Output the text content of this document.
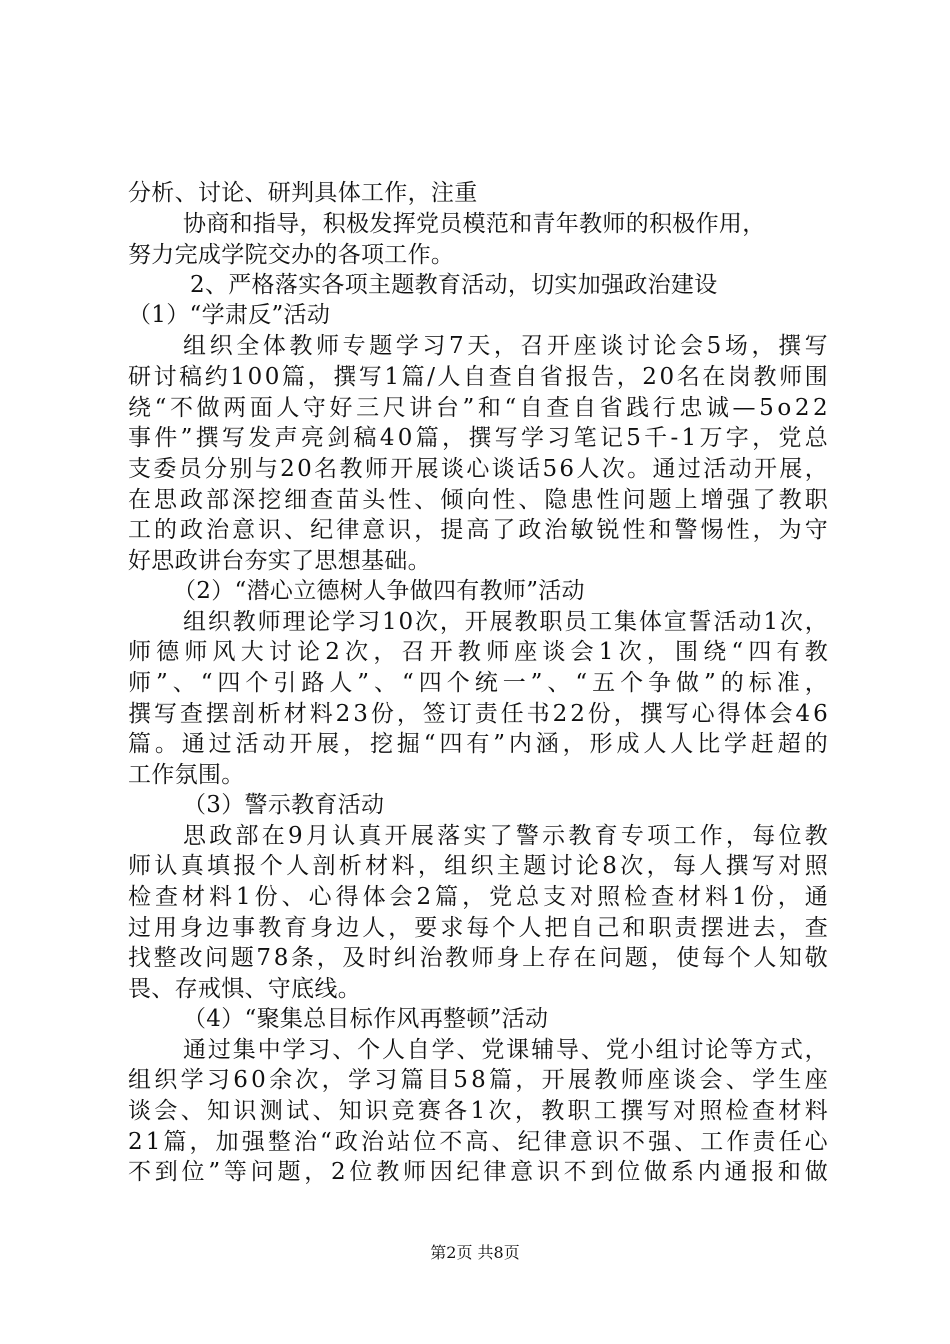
分析、讨论、研判具体工作，注重
协商和指导，积极发挥党员模范和青年教师的积极作用，
努力完成学院交办的各项工作。
2、严格落实各项主题教育活动，切实加强政治建设
（1）“学肃反”活动
组织全体教师专题学习7天，召开座谈讨论会5场，撰写
研讨稿约100篇，撰写1篇/人自查自省报告，20名在岗教师围
绕“不做两面人守好三尺讲台”和“自查自省践行忠诚—5o22
事件”撰写发声亮剑稿40篇，撰写学习笔记5千-1万字，党总
支委员分别与20名教师开展谈心谈话56人次。通过活动开展，
在思政部深挖细查苗头性、倾向性、隐患性问题上增强了教职
工的政治意识、纪律意识，提高了政治敏锐性和警惕性，为守
好思政讲台夯实了思想基础。
（2）“潜心立德树人争做四有教师”活动
组织教师理论学习10次，开展教职员工集体宣誓活动1次，
师德师风大讨论2次，召开教师座谈会1次，围绕“四有教
师”、“四个引路人”、“四个统一”、“五个争做”的标准，
撰写查摆剖析材料23份，签订责任书22份，撰写心得体会46
篇。通过活动开展，挖掘“四有”内涵，形成人人比学赶超的
工作氛围。
（3）警示教育活动
思政部在9月认真开展落实了警示教育专项工作，每位教
师认真填报个人剖析材料，组织主题讨论8次，每人撰写对照
检查材料1份、心得体会2篇，党总支对照检查材料1份，通
过用身边事教育身边人，要求每个人把自己和职责摆进去，查
找整改问题78条，及时纠治教师身上存在问题，使每个人知敬
畏、存戒惧、守底线。
（4）“聚集总目标作风再整顿”活动
通过集中学习、个人自学、党课辅导、党小组讨论等方式，
组织学习60余次，学习篇目58篇，开展教师座谈会、学生座
谈会、知识测试、知识竞赛各1次，教职工撰写对照检查材料
21篇，加强整治“政治站位不高、纪律意识不强、工作责任心
不到位”等问题，2位教师因纪律意识不到位做系内通报和做
第2页 共8页
